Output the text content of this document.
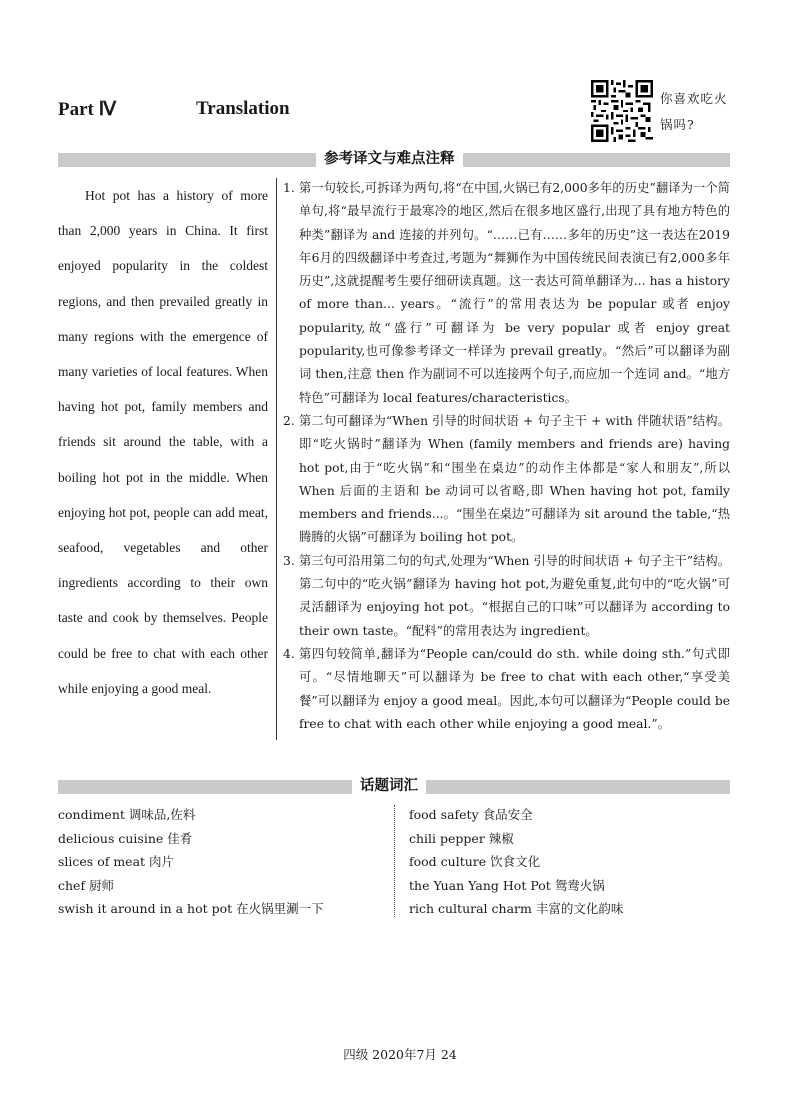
Part Ⅳ	Translation	你喜欢吃火锅吗?
参考译文与难点注释

Hot pot has a history of more than 2,000 years in China. It first enjoyed popularity in the coldest regions, and then prevailed greatly in many regions with the emergence of many varieties of local features. When having hot pot, family members and friends sit around the table, with a boiling hot pot in the middle. When enjoying hot pot, people can add meat, seafood, vegetables and other ingredients according to their own taste and cook by themselves. People could be free to chat with each other while enjoying a good meal.

1. 第一句较长,可拆译为两句,将“在中国,火锅已有2,000多年的历史”翻译为一个简单句,将“最早流行于最寒冷的地区,然后在很多地区盛行,出现了具有地方特色的种类”翻译为 and 连接的并列句。“……已有……多年的历史”这一表达在2019年6月的四级翻译中考查过,考题为“舞狮作为中国传统民间表演已有2,000多年历史”,这就提醒考生要仔细研读真题。这一表达可简单翻译为... has a history of more than... years。“流行”的常用表达为 be popular 或者 enjoy popularity,故“盛行”可翻译为 be very popular 或者 enjoy great popularity,也可像参考译文一样译为 prevail greatly。“然后”可以翻译为副词 then,注意 then 作为副词不可以连接两个句子,而应加一个连词 and。“地方特色”可翻译为 local features/characteristics。
2. 第二句可翻译为“When 引导的时间状语 + 句子主干 + with 伴随状语”结构。即“吃火锅时”翻译为 When (family members and friends are) having hot pot,由于“吃火锅”和“围坐在桌边”的动作主体都是“家人和朋友”,所以 When 后面的主语和 be 动词可以省略,即 When having hot pot, family members and friends...。“围坐在桌边”可翻译为 sit around the table,“热腾腾的火锅”可翻译为 boiling hot pot。
3. 第三句可沿用第二句的句式,处理为“When 引导的时间状语 + 句子主干”结构。第二句中的“吃火锅”翻译为 having hot pot,为避免重复,此句中的“吃火锅”可灵活翻译为 enjoying hot pot。“根据自己的口味”可以翻译为 according to their own taste。“配料”的常用表达为 ingredient。
4. 第四句较简单,翻译为“People can/could do sth. while doing sth.”句式即可。“尽情地聊天”可以翻译为 be free to chat with each other,“享受美餐”可以翻译为 enjoy a good meal。因此,本句可以翻译为“People could be free to chat with each other while enjoying a good meal.”。
话题词汇
condiment 调味品,佐料
delicious cuisine 佳肴
slices of meat 肉片
chef 厨师
swish it around in a hot pot 在火锅里涮一下
food safety 食品安全
chili pepper 辣椒
food culture 饮食文化
the Yuan Yang Hot Pot 鸳鸯火锅
rich cultural charm 丰富的文化韵味
四级 2020年7月 24
